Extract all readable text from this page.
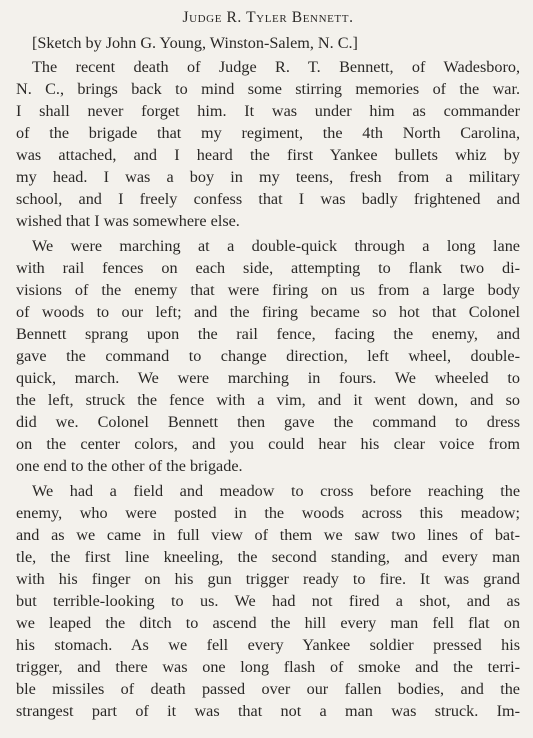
Judge R. Tyler Bennett.
[Sketch by John G. Young, Winston-Salem, N. C.]
The recent death of Judge R. T. Bennett, of Wadesboro,
N. C., brings back to mind some stirring memories of the war.
I shall never forget him. It was under him as commander
of the brigade that my regiment, the 4th North Carolina,
was attached, and I heard the first Yankee bullets whiz by
my head. I was a boy in my teens, fresh from a military
school, and I freely confess that I was badly frightened and
wished that I was somewhere else.
We were marching at a double-quick through a long lane
with rail fences on each side, attempting to flank two di-
visions of the enemy that were firing on us from a large body
of woods to our left; and the firing became so hot that Colonel
Bennett sprang upon the rail fence, facing the enemy, and
gave the command to change direction, left wheel, double-
quick, march. We were marching in fours. We wheeled to
the left, struck the fence with a vim, and it went down, and so
did we. Colonel Bennett then gave the command to dress
on the center colors, and you could hear his clear voice from
one end to the other of the brigade.
We had a field and meadow to cross before reaching the
enemy, who were posted in the woods across this meadow;
and as we came in full view of them we saw two lines of bat-
tle, the first line kneeling, the second standing, and every man
with his finger on his gun trigger ready to fire. It was grand
but terrible-looking to us. We had not fired a shot, and as
we leaped the ditch to ascend the hill every man fell flat on
his stomach. As we fell every Yankee soldier pressed his
trigger, and there was one long flash of smoke and the terri-
ble missiles of death passed over our fallen bodies, and the
strangest part of it was that not a man was struck. Im-
